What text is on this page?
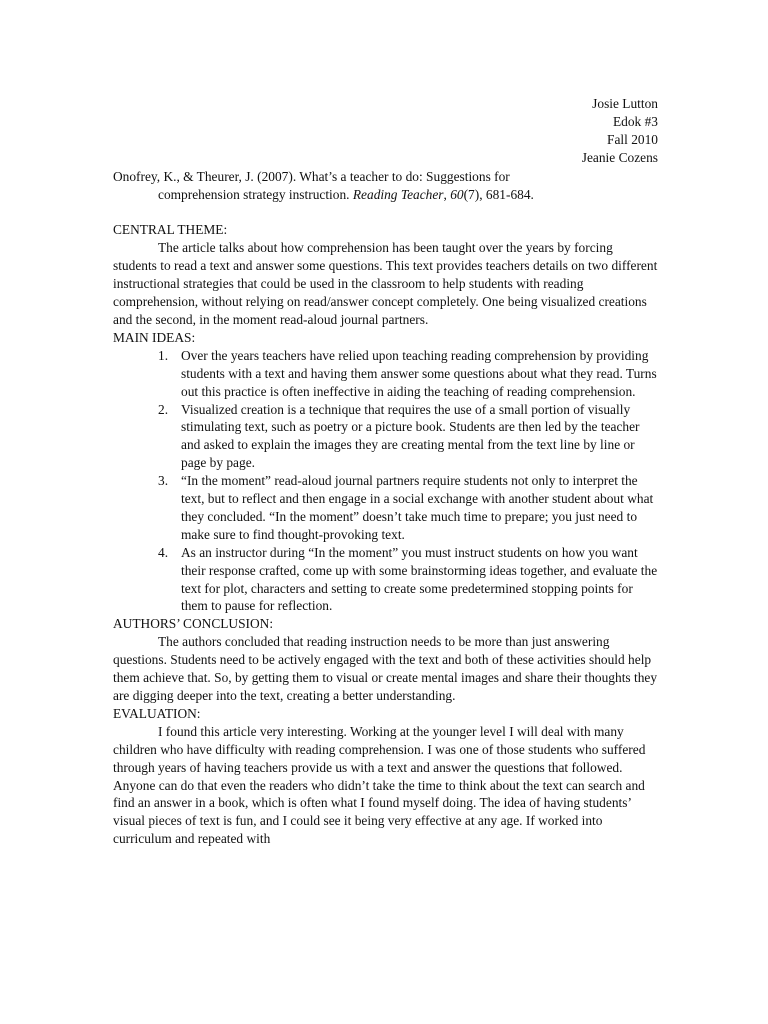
Josie Lutton
Edok #3
Fall 2010
Jeanie Cozens
Onofrey, K., & Theurer, J. (2007). What’s a teacher to do: Suggestions for
comprehension strategy instruction. Reading Teacher, 60(7), 681-684.
CENTRAL THEME:
The article talks about how comprehension has been taught over the years by forcing students to read a text and answer some questions. This text provides teachers details on two different instructional strategies that could be used in the classroom to help students with reading comprehension, without relying on read/answer concept completely. One being visualized creations and the second, in the moment read-aloud journal partners.
MAIN IDEAS:
1. Over the years teachers have relied upon teaching reading comprehension by providing students with a text and having them answer some questions about what they read. Turns out this practice is often ineffective in aiding the teaching of reading comprehension.
2. Visualized creation is a technique that requires the use of a small portion of visually stimulating text, such as poetry or a picture book. Students are then led by the teacher and asked to explain the images they are creating mental from the text line by line or page by page.
3. “In the moment” read-aloud journal partners require students not only to interpret the text, but to reflect and then engage in a social exchange with another student about what they concluded. “In the moment” doesn’t take much time to prepare; you just need to make sure to find thought-provoking text.
4. As an instructor during “In the moment” you must instruct students on how you want their response crafted, come up with some brainstorming ideas together, and evaluate the text for plot, characters and setting to create some predetermined stopping points for them to pause for reflection.
AUTHORS’ CONCLUSION:
The authors concluded that reading instruction needs to be more than just answering questions. Students need to be actively engaged with the text and both of these activities should help them achieve that. So, by getting them to visual or create mental images and share their thoughts they are digging deeper into the text, creating a better understanding.
EVALUATION:
I found this article very interesting. Working at the younger level I will deal with many children who have difficulty with reading comprehension. I was one of those students who suffered through years of having teachers provide us with a text and answer the questions that followed. Anyone can do that even the readers who didn’t take the time to think about the text can search and find an answer in a book, which is often what I found myself doing. The idea of having students’ visual pieces of text is fun, and I could see it being very effective at any age. If worked into curriculum and repeated with
